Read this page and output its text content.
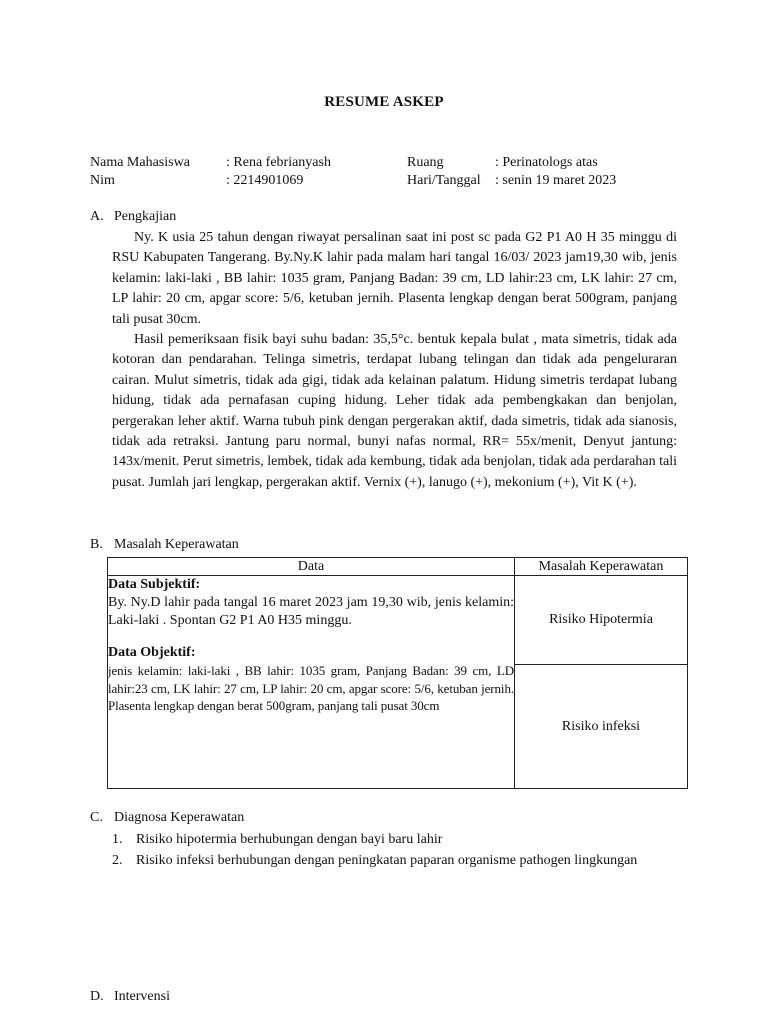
RESUME ASKEP
Nama Mahasiswa	: Rena febrianyash	Ruang	: Perinatologs atas
Nim	: 2214901069	Hari/Tanggal : senin 19 maret 2023
A. Pengkajian

Ny. K usia 25 tahun dengan riwayat persalinan saat ini post sc pada G2 P1 A0 H 35 minggu di RSU Kabupaten Tangerang. By.Ny.K lahir pada malam hari tangal 16/03/ 2023 jam19,30 wib, jenis kelamin: laki-laki , BB lahir: 1035 gram, Panjang Badan: 39 cm, LD lahir:23 cm, LK lahir: 27 cm, LP lahir: 20 cm, apgar score: 5/6, ketuban jernih. Plasenta lengkap dengan berat 500gram, panjang tali pusat 30cm.

Hasil pemeriksaan fisik bayi suhu badan: 35,5°c. bentuk kepala bulat , mata simetris, tidak ada kotoran dan pendarahan. Telinga simetris, terdapat lubang telingan dan tidak ada pengeluraran cairan. Mulut simetris, tidak ada gigi, tidak ada kelainan palatum. Hidung simetris terdapat lubang hidung, tidak ada pernafasan cuping hidung. Leher tidak ada pembengkakan dan benjolan, pergerakan leher aktif. Warna tubuh pink dengan pergerakan aktif, dada simetris, tidak ada sianosis, tidak ada retraksi. Jantung paru normal, bunyi nafas normal, RR= 55x/menit, Denyut jantung: 143x/menit. Perut simetris, lembek, tidak ada kembung, tidak ada benjolan, tidak ada perdarahan tali pusat. Jumlah jari lengkap, pergerakan aktif. Vernix (+), lanugo (+), mekonium (+), Vit K (+).

B. Masalah Keperawatan
Data	Masalah Keperawatan

Data Subjektif:
By. Ny.D lahir pada tangal 16 maret 2023 jam 19,30 wib, jenis kelamin: Laki-laki . Spontan G2 P1 A0 H35 minggu.
Data Objektif:
jenis kelamin: laki-laki , BB lahir: 1035 gram, Panjang Badan: 39 cm, LD lahir:23 cm, LK lahir: 27 cm, LP lahir: 20 cm, apgar score: 5/6, ketuban jernih. Plasenta lengkap dengan berat 500gram, panjang tali pusat 30cm	Risiko Hipotermia
	Risiko infeksi
C. Diagnosa Keperawatan
1. Risiko hipotermia berhubungan dengan bayi baru lahir
2. Risiko infeksi berhubungan dengan peningkatan paparan organisme pathogen lingkungan
D. Intervensi
